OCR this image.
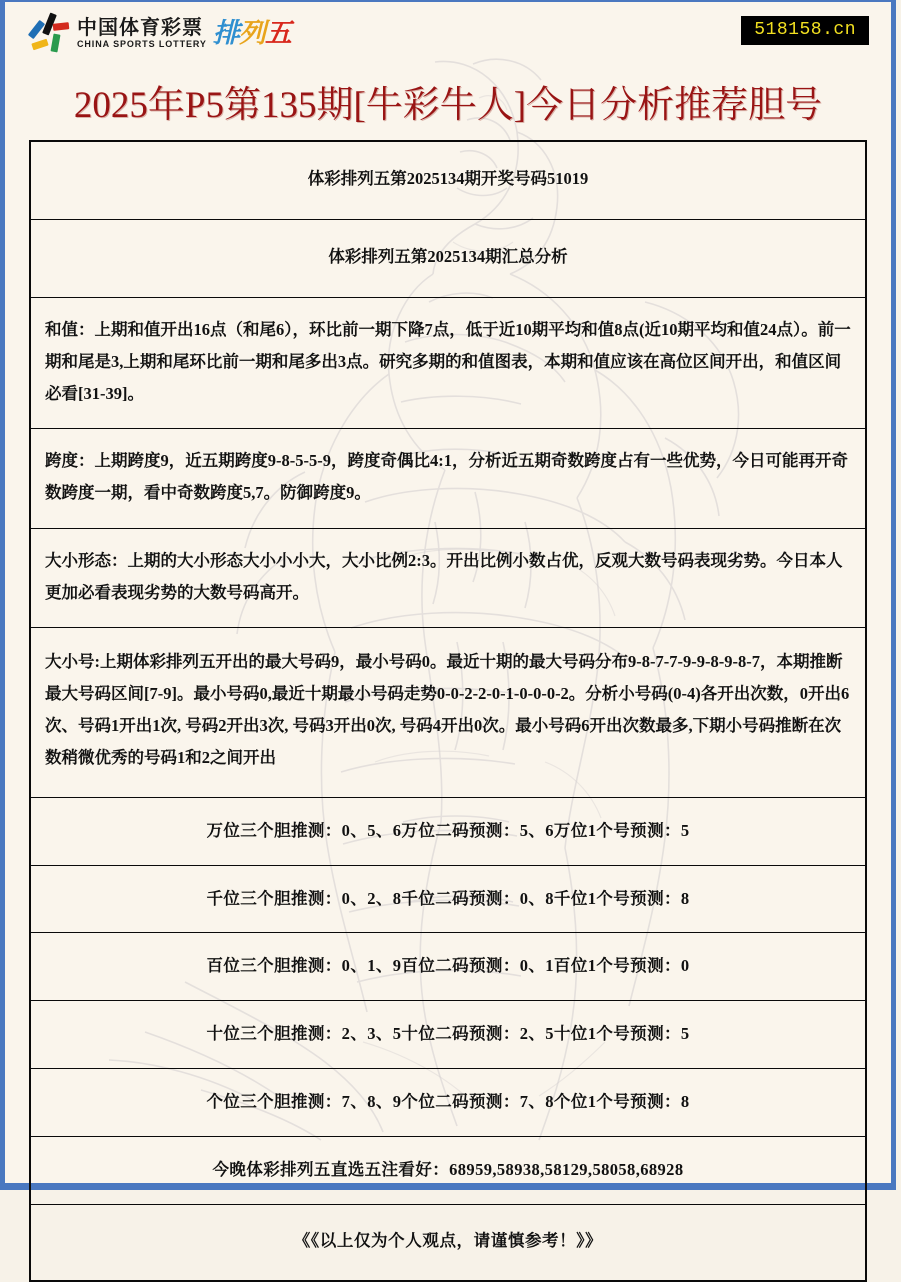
中国体育彩票
CHINA SPORTS LOTTERY 排列五	518158.cn
2025年P5第135期[牛彩牛人]今日分析推荐胆号
体彩排列五第2025134期开奖号码51019
体彩排列五第2025134期汇总分析
和值：上期和值开出16点（和尾6），环比前一期下降7点，低于近10期平均和值8点(近10期平均和值24点）。前一期和尾是3,上期和尾环比前一期和尾多出3点。研究多期的和值图表，本期和值应该在高位区间开出，和值区间必看[31-39]。
跨度：上期跨度9，近五期跨度9-8-5-5-9，跨度奇偶比4:1，分析近五期奇数跨度占有一些优势，今日可能再开奇数跨度一期，看中奇数跨度5,7。防御跨度9。
大小形态：上期的大小形态大小小小大，大小比例2:3。开出比例小数占优，反观大数号码表现劣势。今日本人更加必看表现劣势的大数号码高开。
大小号:上期体彩排列五开出的最大号码9，最小号码0。最近十期的最大号码分布9-8-7-7-9-9-8-9-8-7，本期推断最大号码区间[7-9]。最小号码0,最近十期最小号码走势0-0-2-2-0-1-0-0-0-2。分析小号码(0-4)各开出次数，0开出6次、号码1开出1次, 号码2开出3次, 号码3开出0次, 号码4开出0次。最小号码6开出次数最多,下期小号码推断在次数稍微优秀的号码1和2之间开出
万位三个胆推测：0、5、6万位二码预测：5、6万位1个号预测：5
千位三个胆推测：0、2、8千位二码预测：0、8千位1个号预测：8
百位三个胆推测：0、1、9百位二码预测：0、1百位1个号预测：0
十位三个胆推测：2、3、5十位二码预测：2、5十位1个号预测：5
个位三个胆推测：7、8、9个位二码预测：7、8个位1个号预测：8
今晚体彩排列五直选五注看好：68959,58938,58129,58058,68928
《《以上仅为个人观点，请谨慎参考！》》
